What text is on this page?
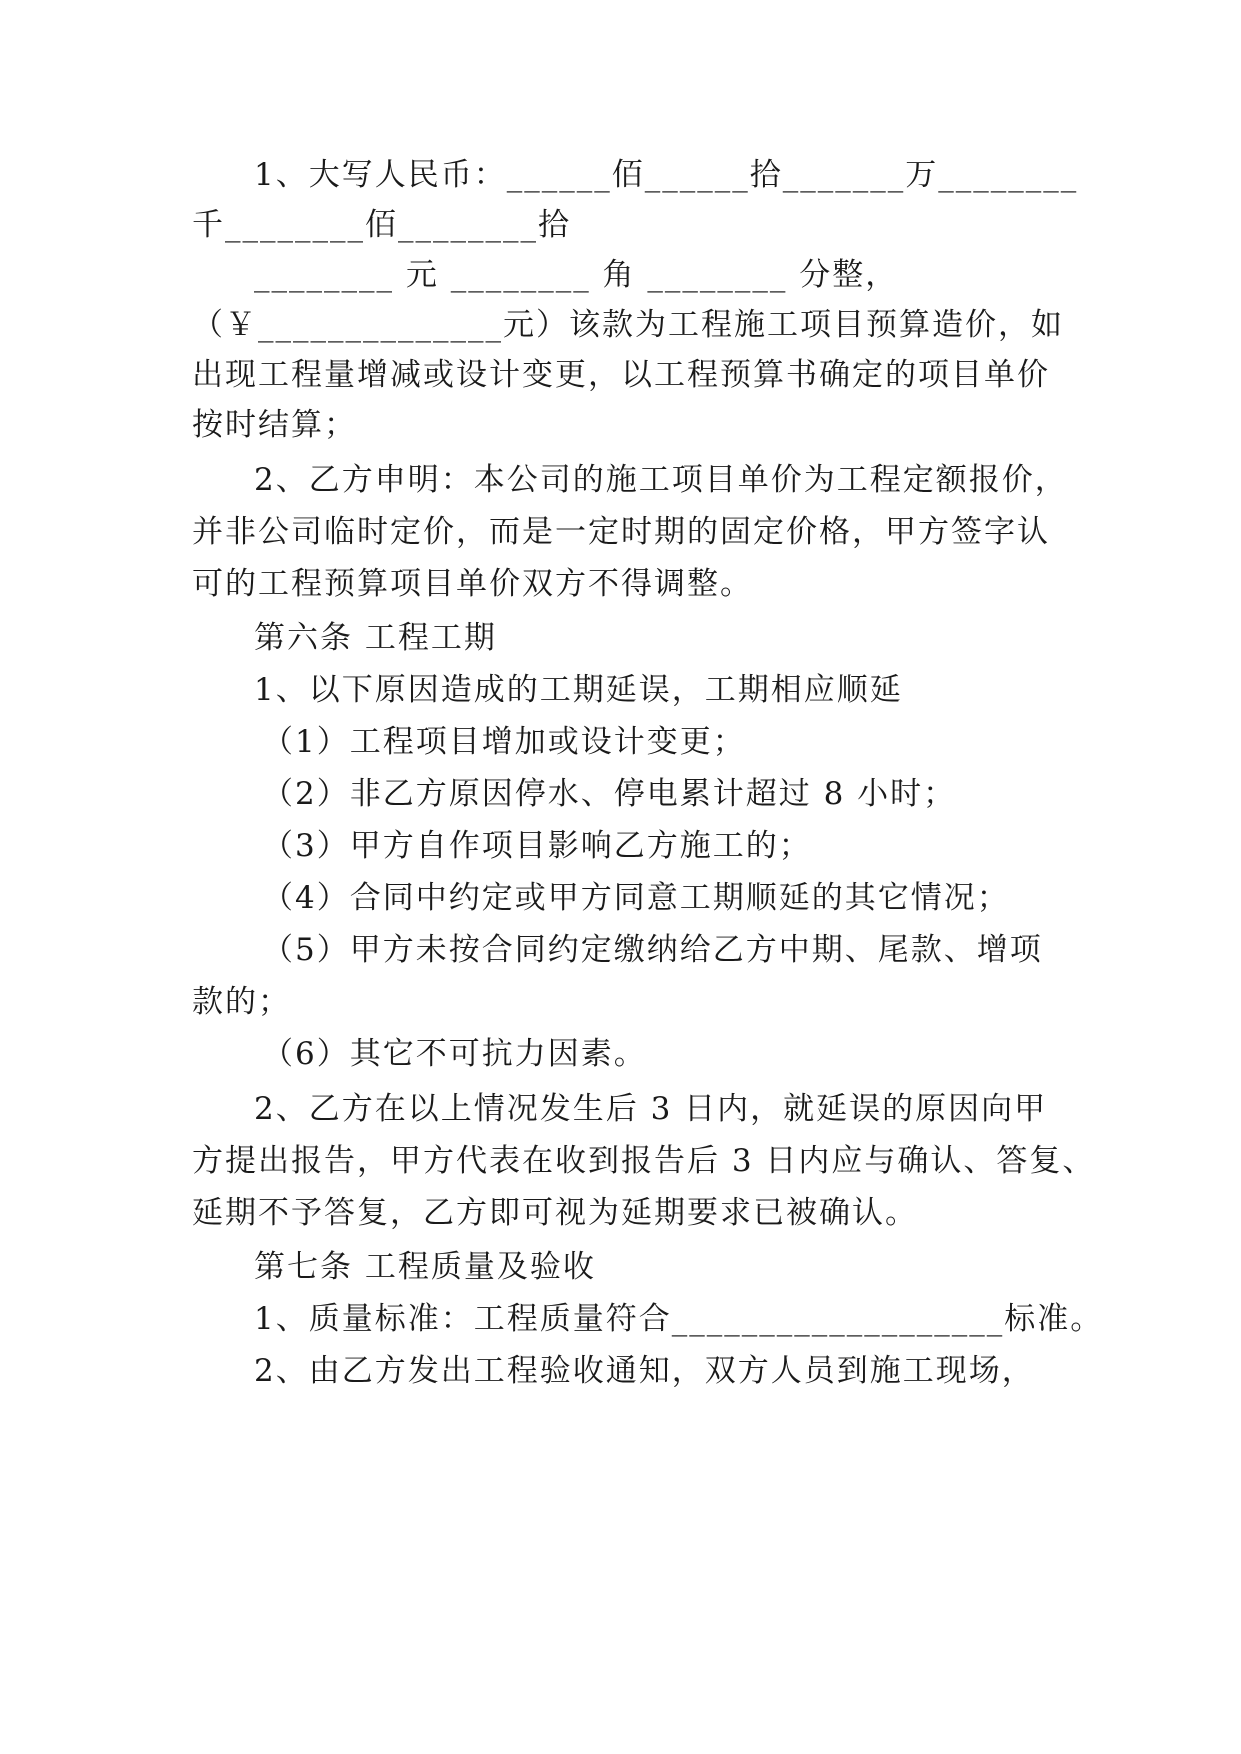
1、大写人民币：______佰______拾_______万________
千________佰________拾
________ 元 ________ 角 ________ 分整，
（￥______________元）该款为工程施工项目预算造价，如
出现工程量增减或设计变更，以工程预算书确定的项目单价
按时结算；
2、乙方申明：本公司的施工项目单价为工程定额报价，
并非公司临时定价，而是一定时期的固定价格，甲方签字认
可的工程预算项目单价双方不得调整。
第六条 工程工期
1、以下原因造成的工期延误，工期相应顺延
（1）工程项目增加或设计变更；
（2）非乙方原因停水、停电累计超过 8 小时；
（3）甲方自作项目影响乙方施工的；
（4）合同中约定或甲方同意工期顺延的其它情况；
（5）甲方未按合同约定缴纳给乙方中期、尾款、增项
款的；
（6）其它不可抗力因素。
2、乙方在以上情况发生后 3 日内，就延误的原因向甲
方提出报告，甲方代表在收到报告后 3 日内应与确认、答复、
延期不予答复，乙方即可视为延期要求已被确认。
第七条 工程质量及验收
1、质量标准：工程质量符合___________________标准。
2、由乙方发出工程验收通知，双方人员到施工现场，
